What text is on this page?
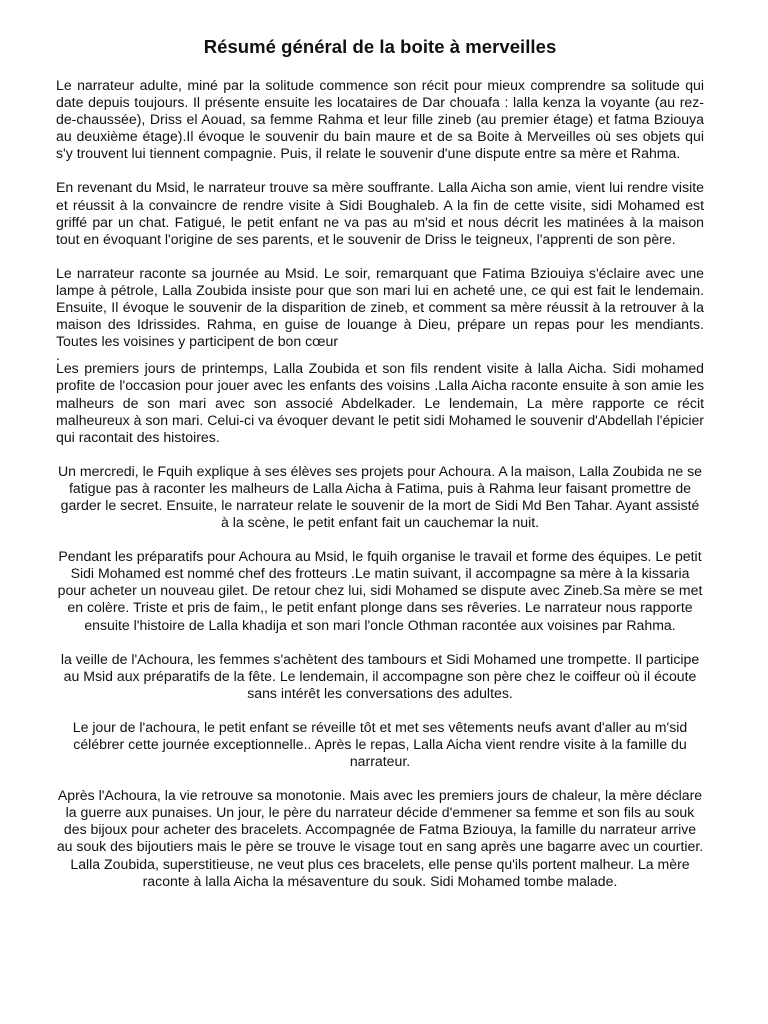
Résumé général de la boite à merveilles

Le narrateur adulte, miné par la solitude commence son récit pour mieux comprendre sa solitude qui date depuis toujours. Il présente ensuite les locataires de Dar chouafa : lalla kenza la voyante (au rez-de-chaussée), Driss el Aouad, sa femme Rahma et leur fille zineb (au premier étage) et fatma Bziouya au deuxième étage).Il évoque le souvenir du bain maure et de sa Boite à Merveilles où ses objets qui s'y trouvent lui tiennent compagnie. Puis, il relate le souvenir d'une dispute entre sa mère et Rahma.

En revenant du Msid, le narrateur trouve sa mère souffrante. Lalla Aicha son amie, vient lui rendre visite et réussit à la convaincre de rendre visite à Sidi Boughaleb. A la fin de cette visite, sidi Mohamed est griffé par un chat. Fatigué, le petit enfant ne va pas au m'sid et nous décrit les matinées à la maison tout en évoquant l'origine de ses parents, et le souvenir de Driss le teigneux, l'apprenti de son père.

Le narrateur raconte sa journée au Msid. Le soir, remarquant que Fatima Bziouiya s'éclaire avec une lampe à pétrole, Lalla Zoubida insiste pour que son mari lui en acheté une, ce qui est fait le lendemain. Ensuite, Il évoque le souvenir de la disparition de zineb, et comment sa mère réussit à la retrouver à la maison des Idrissides. Rahma, en guise de louange à Dieu, prépare un repas pour les mendiants. Toutes les voisines y participent de bon cœur

.

Les premiers jours de printemps, Lalla Zoubida et son fils rendent visite à lalla Aicha. Sidi mohamed profite de l'occasion pour jouer avec les enfants des voisins .Lalla Aicha raconte ensuite à son amie les malheurs de son mari avec son associé Abdelkader. Le lendemain, La mère rapporte ce récit malheureux à son mari. Celui-ci va évoquer devant le petit sidi Mohamed le souvenir d'Abdellah l'épicier qui racontait des histoires.

Un mercredi, le Fquih explique à ses élèves ses projets pour Achoura. A la maison, Lalla Zoubida ne se fatigue pas à raconter les malheurs de Lalla Aicha à Fatima, puis à Rahma leur faisant promettre de garder le secret. Ensuite, le narrateur relate le souvenir de la mort de Sidi Md Ben Tahar. Ayant assisté à la scène, le petit enfant fait un cauchemar la nuit.

Pendant les préparatifs pour Achoura au Msid, le fquih organise le travail et forme des équipes. Le petit Sidi Mohamed est nommé chef des frotteurs .Le matin suivant, il accompagne sa mère à la kissaria pour acheter un nouveau gilet. De retour chez lui, sidi Mohamed se dispute avec Zineb.Sa mère se met en colère. Triste et pris de faim,, le petit enfant plonge dans ses rêveries. Le narrateur nous rapporte ensuite l'histoire de Lalla khadija et son mari l'oncle Othman racontée aux voisines par Rahma.

la veille de l'Achoura, les femmes s'achètent des tambours et Sidi Mohamed une trompette. Il participe au Msid aux préparatifs de la fête. Le lendemain, il accompagne son père chez le coiffeur où il écoute sans intérêt les conversations des adultes.

Le jour de l'achoura, le petit enfant se réveille tôt et met ses vêtements neufs avant d'aller au m'sid célébrer cette journée exceptionnelle.. Après le repas, Lalla Aicha vient rendre visite à la famille du narrateur.

Après l'Achoura, la vie retrouve sa monotonie. Mais avec les premiers jours de chaleur, la mère déclare la guerre aux punaises. Un jour, le père du narrateur décide d'emmener sa femme et son fils au souk des bijoux pour acheter des bracelets. Accompagnée de Fatma Bziouya, la famille du narrateur arrive au souk des bijoutiers mais le père se trouve le visage tout en sang après une bagarre avec un courtier. Lalla Zoubida, superstitieuse, ne veut plus ces bracelets, elle pense qu'ils portent malheur. La mère raconte à lalla Aicha la mésaventure du souk. Sidi Mohamed tombe malade.
